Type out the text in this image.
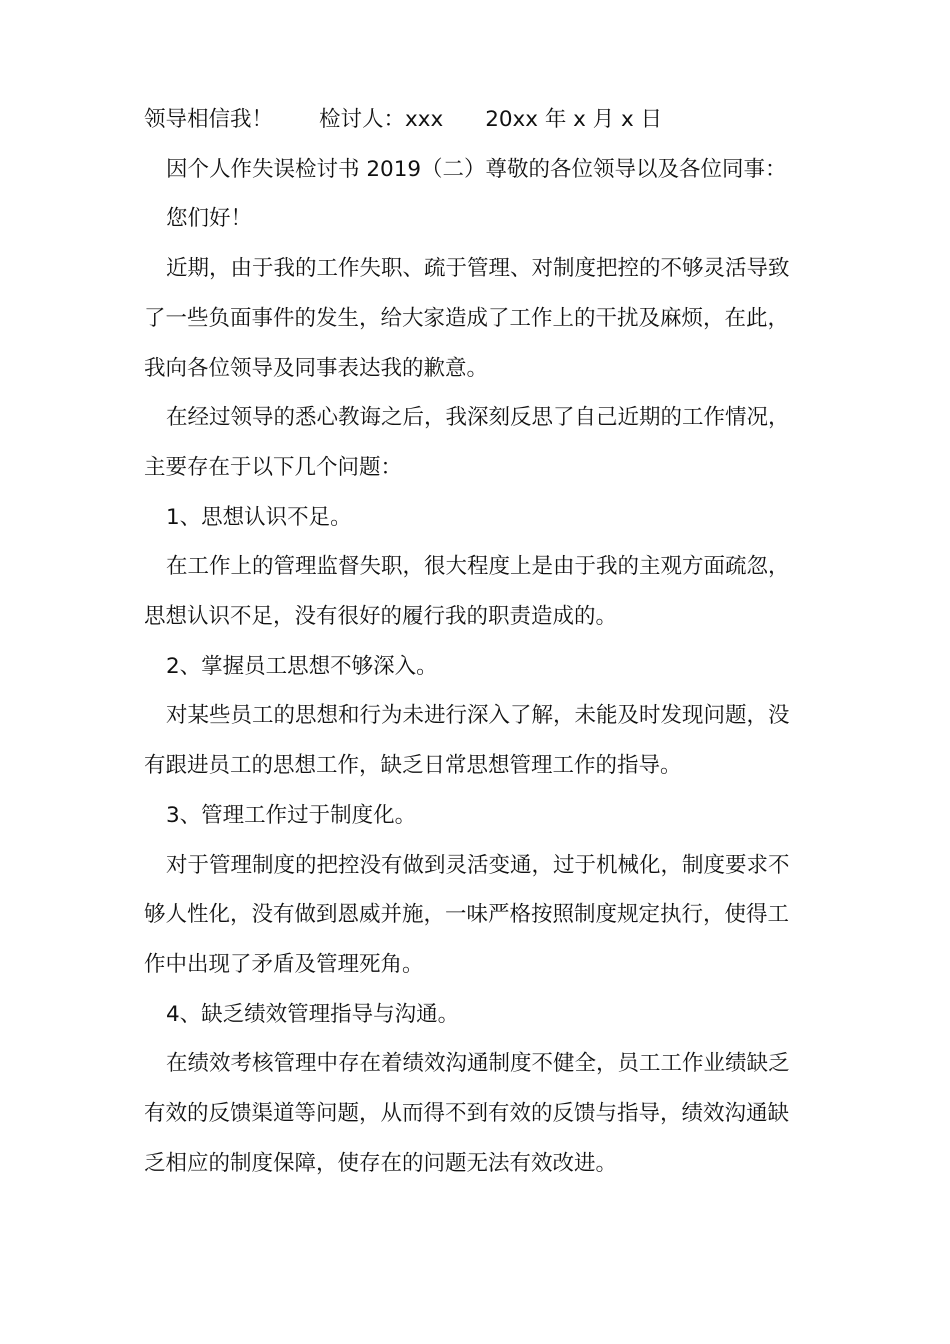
领导相信我！ 检讨人：xxx 20xx 年 x 月 x 日

因个人作失误检讨书 2019（二）尊敬的各位领导以及各位同事：

您们好！

近期，由于我的工作失职、疏于管理、对制度把控的不够灵活导致

了一些负面事件的发生，给大家造成了工作上的干扰及麻烦，在此，

我向各位领导及同事表达我的歉意。

在经过领导的悉心教诲之后，我深刻反思了自己近期的工作情况，

主要存在于以下几个问题：

1、思想认识不足。

在工作上的管理监督失职，很大程度上是由于我的主观方面疏忽，

思想认识不足，没有很好的履行我的职责造成的。

2、掌握员工思想不够深入。

对某些员工的思想和行为未进行深入了解，未能及时发现问题，没

有跟进员工的思想工作，缺乏日常思想管理工作的指导。

3、管理工作过于制度化。

对于管理制度的把控没有做到灵活变通，过于机械化，制度要求不

够人性化，没有做到恩威并施，一味严格按照制度规定执行，使得工

作中出现了矛盾及管理死角。

4、缺乏绩效管理指导与沟通。

在绩效考核管理中存在着绩效沟通制度不健全，员工工作业绩缺乏

有效的反馈渠道等问题，从而得不到有效的反馈与指导，绩效沟通缺

乏相应的制度保障，使存在的问题无法有效改进。
